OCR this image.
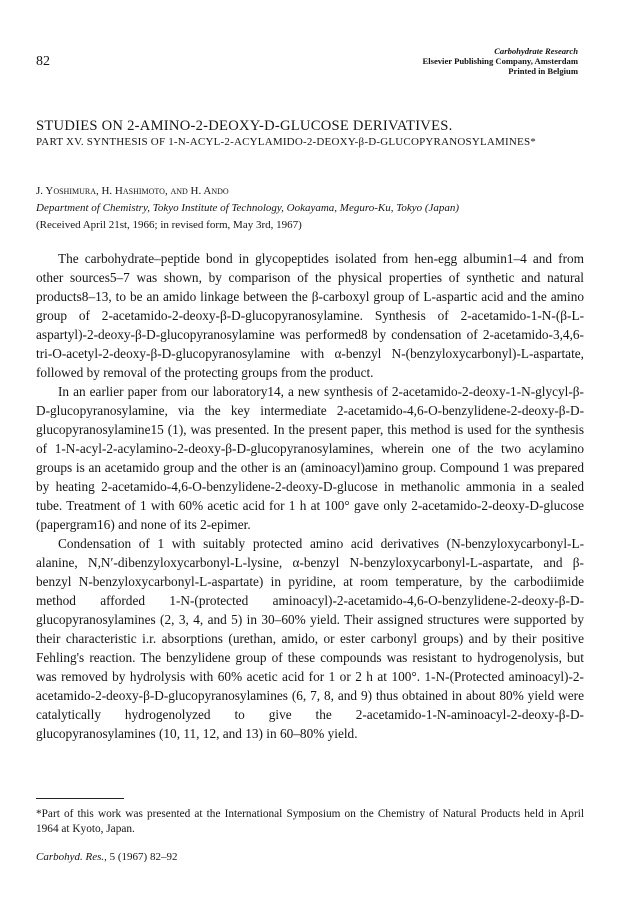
82
Carbohydrate Research
Elsevier Publishing Company, Amsterdam
Printed in Belgium
STUDIES ON 2-AMINO-2-DEOXY-D-GLUCOSE DERIVATIVES.
PART XV. SYNTHESIS OF 1-N-ACYL-2-ACYLAMIDO-2-DEOXY-β-D-GLUCOPYRANOSYLAMINES*
J. Yoshimura, H. Hashimoto, and H. Ando
Department of Chemistry, Tokyo Institute of Technology, Ookayama, Meguro-Ku, Tokyo (Japan)
(Received April 21st, 1966; in revised form, May 3rd, 1967)

The carbohydrate–peptide bond in glycopeptides isolated from hen-egg albumin1–4 and from other sources5–7 was shown, by comparison of the physical properties of synthetic and natural products8–13, to be an amido linkage between the β-carboxyl group of L-aspartic acid and the amino group of 2-acetamido-2-deoxy-β-D-glucopyranosylamine. Synthesis of 2-acetamido-1-N-(β-L-aspartyl)-2-deoxy-β-D-glucopyranosylamine was performed8 by condensation of 2-acetamido-3,4,6-tri-O-acetyl-2-deoxy-β-D-glucopyranosylamine with α-benzyl N-(benzyloxycarbonyl)-L-aspartate, followed by removal of the protecting groups from the product.

In an earlier paper from our laboratory14, a new synthesis of 2-acetamido-2-deoxy-1-N-glycyl-β-D-glucopyranosylamine, via the key intermediate 2-acetamido-4,6-O-benzylidene-2-deoxy-β-D-glucopyranosylamine15 (1), was presented. In the present paper, this method is used for the synthesis of 1-N-acyl-2-acylamino-2-deoxy-β-D-glucopyranosylamines, wherein one of the two acylamino groups is an acetamido group and the other is an (aminoacyl)amino group. Compound 1 was prepared by heating 2-acetamido-4,6-O-benzylidene-2-deoxy-D-glucose in methanolic ammonia in a sealed tube. Treatment of 1 with 60% acetic acid for 1 h at 100° gave only 2-acetamido-2-deoxy-D-glucose (papergram16) and none of its 2-epimer.

Condensation of 1 with suitably protected amino acid derivatives (N-benzyloxycarbonyl-L-alanine, N,N′-dibenzyloxycarbonyl-L-lysine, α-benzyl N-benzyloxycarbonyl-L-aspartate, and β-benzyl N-benzyloxycarbonyl-L-aspartate) in pyridine, at room temperature, by the carbodiimide method afforded 1-N-(protected aminoacyl)-2-acetamido-4,6-O-benzylidene-2-deoxy-β-D-glucopyranosylamines (2, 3, 4, and 5) in 30–60% yield. Their assigned structures were supported by their characteristic i.r. absorptions (urethan, amido, or ester carbonyl groups) and by their positive Fehling's reaction. The benzylidene group of these compounds was resistant to hydrogenolysis, but was removed by hydrolysis with 60% acetic acid for 1 or 2 h at 100°. 1-N-(Protected aminoacyl)-2-acetamido-2-deoxy-β-D-glucopyranosylamines (6, 7, 8, and 9) thus obtained in about 80% yield were catalytically hydrogenolyzed to give the 2-acetamido-1-N-aminoacyl-2-deoxy-β-D-glucopyranosylamines (10, 11, 12, and 13) in 60–80% yield.

*Part of this work was presented at the International Symposium on the Chemistry of Natural Products held in April 1964 at Kyoto, Japan.
Carbohyd. Res., 5 (1967) 82–92
